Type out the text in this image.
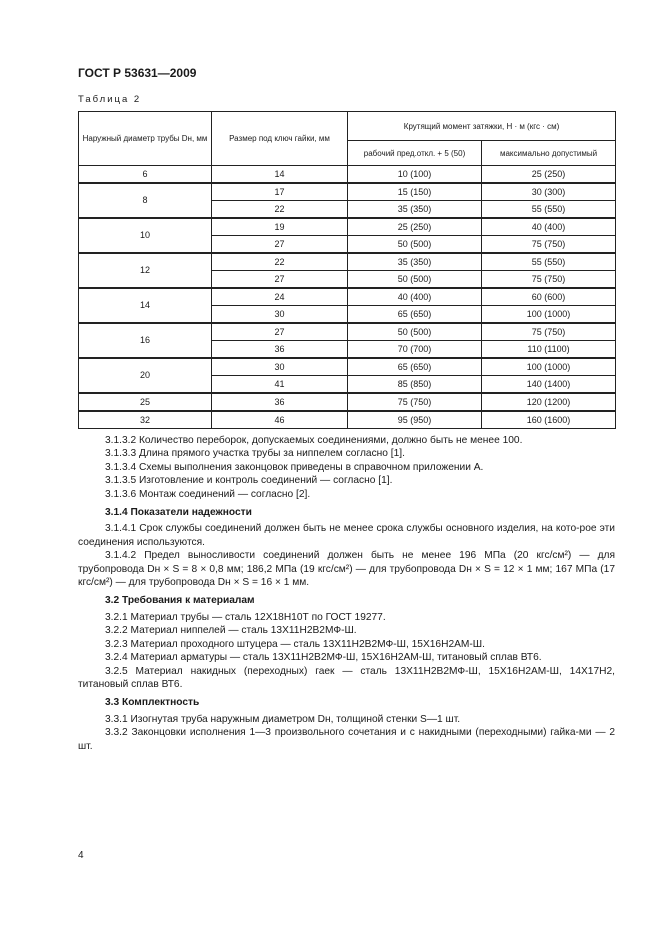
ГОСТ Р 53631—2009
Таблица 2
Наружный диаметр трубы Dн, мм	Размер под ключ гайки, мм	Крутящий момент затяжки, Н · м (кгс · см)	
		рабочий пред.откл. + 5 (50)	максимально допустимый
6	14	10 (100)	25 (250)
8	17	15 (150)	30 (300)
	22	35 (350)	55 (550)
10	19	25 (250)	40 (400)
	27	50 (500)	75 (750)
12	22	35 (350)	55 (550)
	27	50 (500)	75 (750)
14	24	40 (400)	60 (600)
	30	65 (650)	100 (1000)
16	27	50 (500)	75 (750)
	36	70 (700)	110 (1100)
20	30	65 (650)	100 (1000)
	41	85 (850)	140 (1400)
25	36	75 (750)	120 (1200)
32	46	95 (950)	160 (1600)

3.1.3.2 Количество переборок, допускаемых соединениями, должно быть не менее 100.

3.1.3.3 Длина прямого участка трубы за ниппелем согласно [1].

3.1.3.4 Схемы выполнения законцовок приведены в справочном приложении А.

3.1.3.5 Изготовление и контроль соединений — согласно [1].

3.1.3.6 Монтаж соединений — согласно [2].

3.1.4 Показатели надежности

3.1.4.1 Срок службы соединений должен быть не менее срока службы основного изделия, на кото-рое эти соединения используются.

3.1.4.2 Предел выносливости соединений должен быть не менее 196 МПа (20 кгс/см²) — для трубопровода Dн × S = 8 × 0,8 мм; 186,2 МПа (19 кгс/см²) — для трубопровода Dн × S = 12 × 1 мм; 167 МПа (17 кгс/см²) — для трубопровода Dн × S = 16 × 1 мм.

3.2 Требования к материалам

3.2.1 Материал трубы — сталь 12Х18Н10Т по ГОСТ 19277.

3.2.2 Материал ниппелей — сталь 13Х11Н2В2МФ-Ш.

3.2.3 Материал проходного штуцера — сталь 13Х11Н2В2МФ-Ш, 15Х16Н2АМ-Ш.

3.2.4 Материал арматуры — сталь 13Х11Н2В2МФ-Ш, 15Х16Н2АМ-Ш, титановый сплав ВТ6.

3.2.5 Материал накидных (переходных) гаек — сталь 13Х11Н2В2МФ-Ш, 15Х16Н2АМ-Ш, 14Х17Н2, титановый сплав ВТ6.

3.3 Комплектность

3.3.1 Изогнутая труба наружным диаметром Dн, толщиной стенки S—1 шт.

3.3.2 Законцовки исполнения 1—3 произвольного сочетания и с накидными (переходными) гайка-ми — 2 шт.

4
